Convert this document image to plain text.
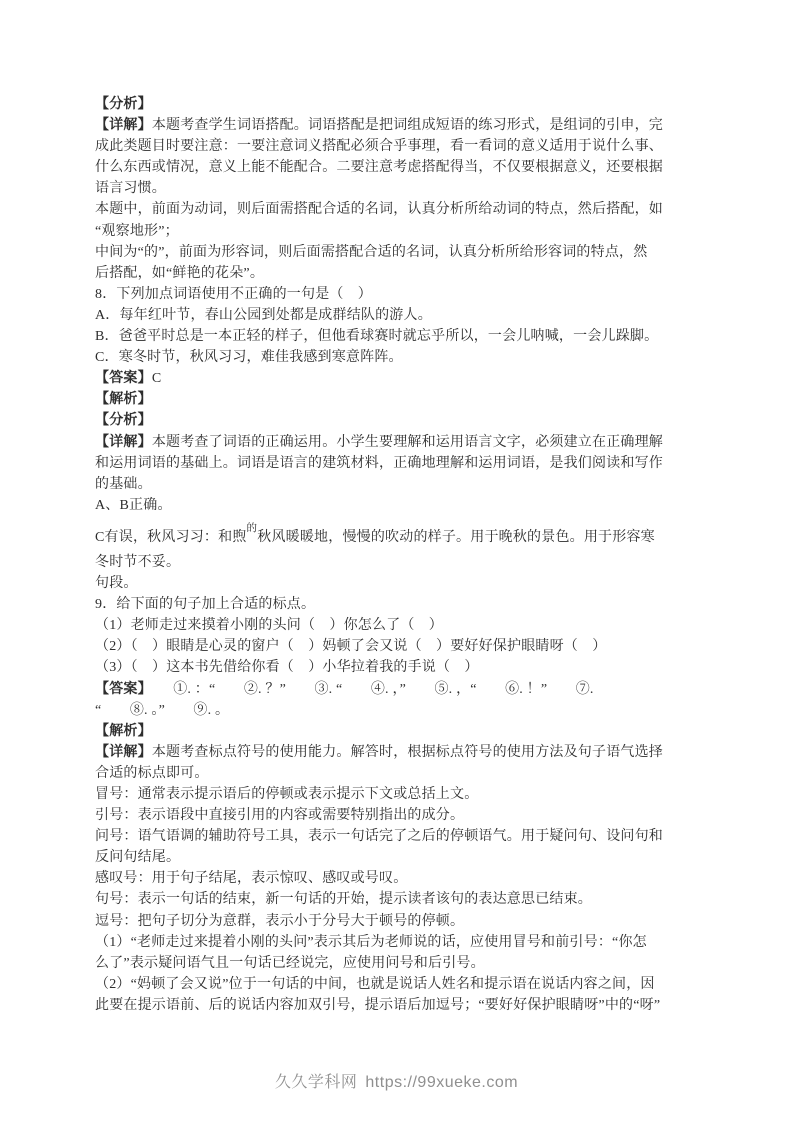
【分析】
【详解】本题考查学生词语搭配。词语搭配是把词组成短语的练习形式，是组词的引申，完
成此类题目时要注意：一要注意词义搭配必须合乎事理，看一看词的意义适用于说什么事、
什么东西或情况，意义上能不能配合。二要注意考虑搭配得当，不仅要根据意义，还要根据
语言习惯。
本题中，前面为动词，则后面需搭配合适的名词，认真分析所给动词的特点，然后搭配，如
“观察地形”；
中间为“的”，前面为形容词，则后面需搭配合适的名词，认真分析所给形容词的特点，然
后搭配，如“鲜艳的花朵”。
8．下列加点词语使用不正确的一句是（　）
A．每年红叶节，春山公园到处都是成群结队的游人。
B．爸爸平时总是一本正轻的样子，但他看球赛时就忘乎所以，一会儿呐喊，一会儿跺脚。
C．寒冬时节，秋风习习，难佳我感到寒意阵阵。
【答案】C
【解析】
【分析】
【详解】本题考查了词语的正确运用。小学生要理解和运用语言文字，必须建立在正确理解
和运用词语的基础上。词语是语言的建筑材料，正确地理解和运用词语，是我们阅读和写作
的基础。
A、B正确。
C有误，秋风习习：和煦$^的$秋风暖暖地，慢慢的吹动的样子。用于晚秋的景色。用于形容寒
冬时节不妥。
句段。
9．给下面的句子加上合适的标点。
（1）老师走过来摸着小刚的头问（　）你怎么了（　）
（2）（　）眼睛是心灵的窗户（　）妈顿了会又说（　）要好好保护眼睛呀（　）
（3）（　）这本书先借给你看（　）小华拉着我的手说（　）
【答案】　　①. ：“　　②. ？”　　③. “　　④. ，”　　⑤. ，“　　⑥. ！”　　⑦.
“　　⑧. 。”　　⑨. 。
【解析】
【详解】本题考查标点符号的使用能力。解答时，根据标点符号的使用方法及句子语气选择
合适的标点即可。
冒号：通常表示提示语后的停顿或表示提示下文或总括上文。
引号：表示语段中直接引用的内容或需要特别指出的成分。
问号：语气语调的辅助符号工具，表示一句话完了之后的停顿语气。用于疑问句、设问句和
反问句结尾。
感叹号：用于句子结尾，表示惊叹、感叹或号叹。
句号：表示一句话的结束，新一句话的开始，提示读者该句的表达意思已结束。
逗号：把句子切分为意群，表示小于分号大于顿号的停顿。
（1）“老师走过来提着小刚的头问”表示其后为老师说的话，应使用冒号和前引号：“你怎
么了”表示疑问语气且一句话已经说完，应使用问号和后引号。
（2）“妈顿了会又说”位于一句话的中间，也就是说话人姓名和提示语在说话内容之间，因
此要在提示语前、后的说话内容加双引号，提示语后加逗号；“要好好保护眼睛呀”中的“呀”
久久学科网 https://99xueke.com
